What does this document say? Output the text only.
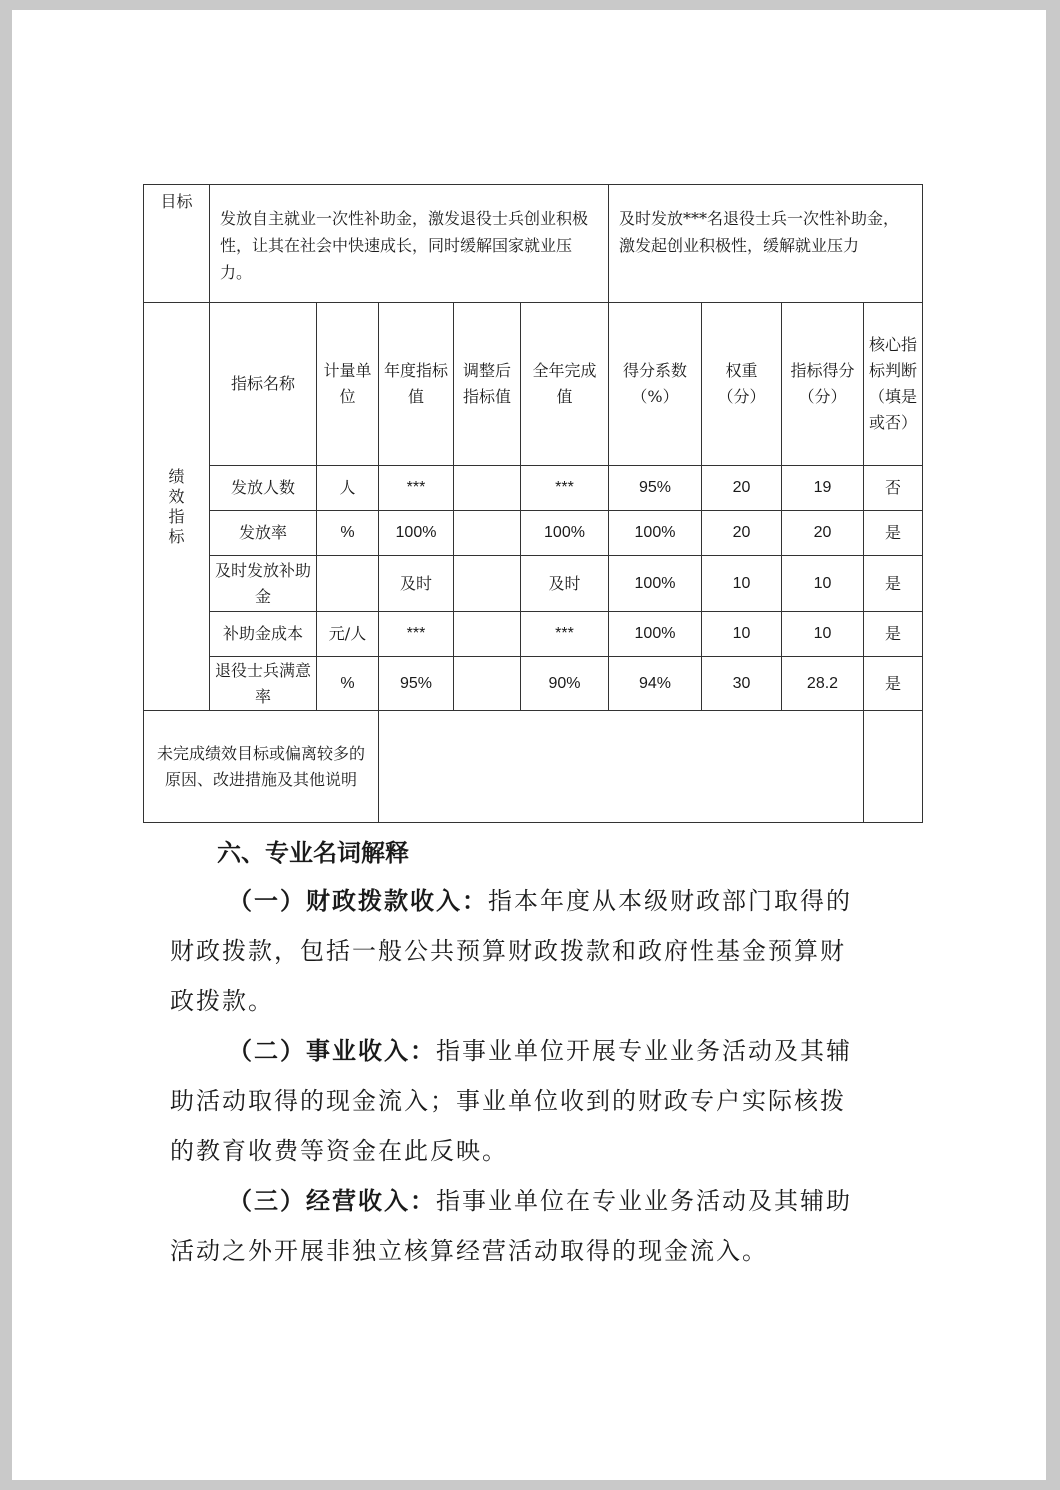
目标	发放自主就业一次性补助金，激发退役士兵创业积极性，让其在社会中快速成长，同时缓解国家就业压力。					及时发放***名退役士兵一次性补助金，激发起创业积极性，缓解就业压力			

绩效指标	指标名称	计量单位	年度指标值	调整后指标值	全年完成值	得分系数（%）	权重（分）	指标得分（分）	核心指标判断（填是或否）
	发放人数	人	***		***	95%	20	19	否
	发放率	%	100%		100%	100%	20	20	是
	及时发放补助金		及时		及时	100%	10	10	是
	补助金成本	元/人	***		***	100%	10	10	是
	退役士兵满意率	%	95%		90%	94%	30	28.2	是
未完成绩效目标或偏离较多的原因、改进措施及其他说明									
六、专业名词解释

（一）财政拨款收入：指本年度从本级财政部门取得的财政拨款，包括一般公共预算财政拨款和政府性基金预算财政拨款。

（二）事业收入：指事业单位开展专业业务活动及其辅助活动取得的现金流入；事业单位收到的财政专户实际核拨的教育收费等资金在此反映。

（三）经营收入：指事业单位在专业业务活动及其辅助活动之外开展非独立核算经营活动取得的现金流入。
